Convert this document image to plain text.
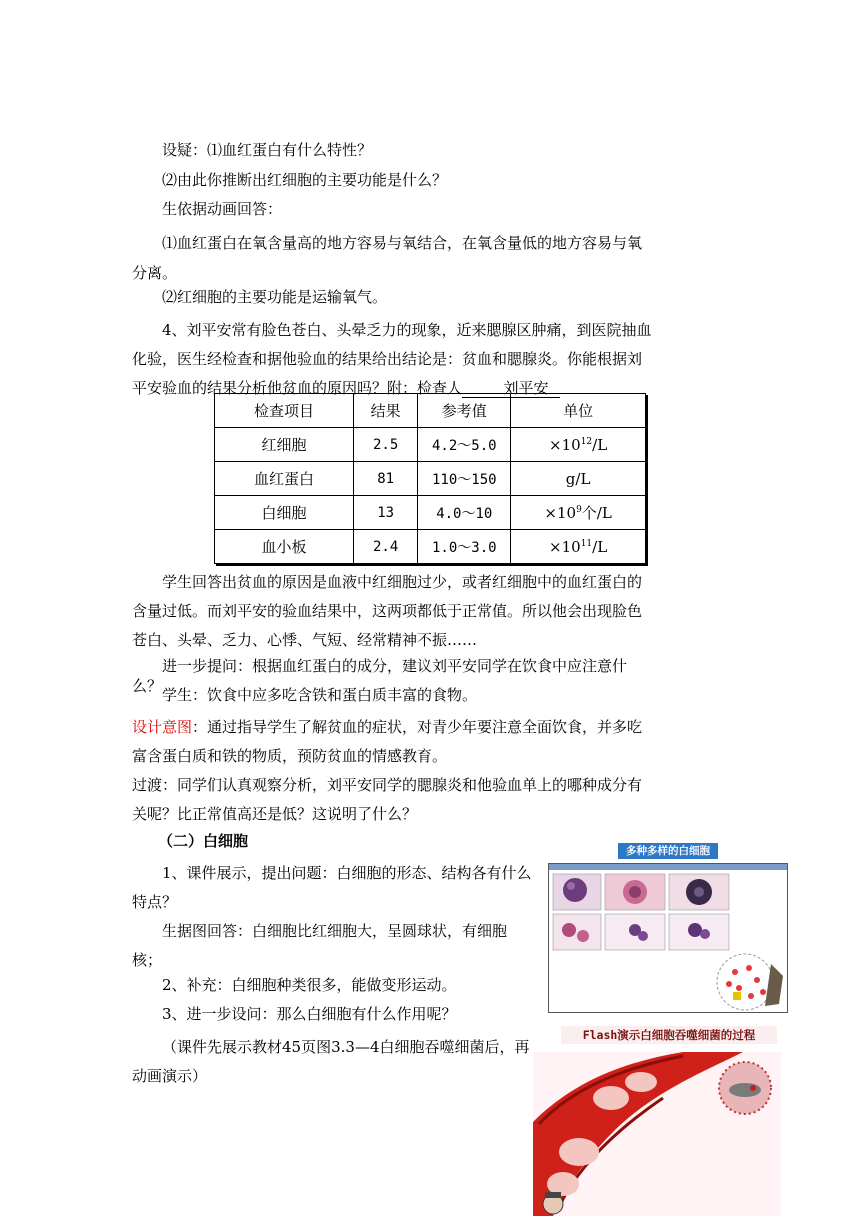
设疑：⑴血红蛋白有什么特性？

⑵由此你推断出红细胞的主要功能是什么？

生依据动画回答：

⑴血红蛋白在氧含量高的地方容易与氧结合，在氧含量低的地方容易与氧分离。

⑵红细胞的主要功能是运输氧气。

4、刘平安常有脸色苍白、头晕乏力的现象，近来腮腺区肿痛，到医院抽血化验，医生经检查和据他验血的结果给出结论是：贫血和腮腺炎。你能根据刘平安验血的结果分析他贫血的原因吗？附：检查人	刘平安

检查项目	结果	参考值	单位
红细胞	2.5	4.2～5.0	$\times 10^{12}/L$
血红蛋白	81	110～150	g/L
白细胞	13	4.0～10	$\times 10^9$个/L
血小板	2.4	1.0～3.0	$\times 10^{11}/L$

学生回答出贫血的原因是血液中红细胞过少，或者红细胞中的血红蛋白的含量过低。而刘平安的验血结果中，这两项都低于正常值。所以他会出现脸色苍白、头晕、乏力、心悸、气短、经常精神不振……

进一步提问：根据血红蛋白的成分，建议刘平安同学在饮食中应注意什么？ 学生：饮食中应多吃含铁和蛋白质丰富的食物。

设计意图：通过指导学生了解贫血的症状，对青少年要注意全面饮食，并多吃富含蛋白质和铁的物质，预防贫血的情感教育。

过渡：同学们认真观察分析，刘平安同学的腮腺炎和他验血单上的哪种成分有关呢？比正常值高还是低？这说明了什么？

（二）白细胞

1、课件展示，提出问题：白细胞的形态、结构各有什么特点？

生据图回答：白细胞比红细胞大，呈圆球状，有细胞核；

2、补充：白细胞种类很多，能做变形运动。

3、进一步设问：那么白细胞有什么作用呢？

（课件先展示教材45页图3.3—4白细胞吞噬细菌后，再动画演示）

多种多样的白细胞
Flash演示白细胞吞噬细菌的过程
